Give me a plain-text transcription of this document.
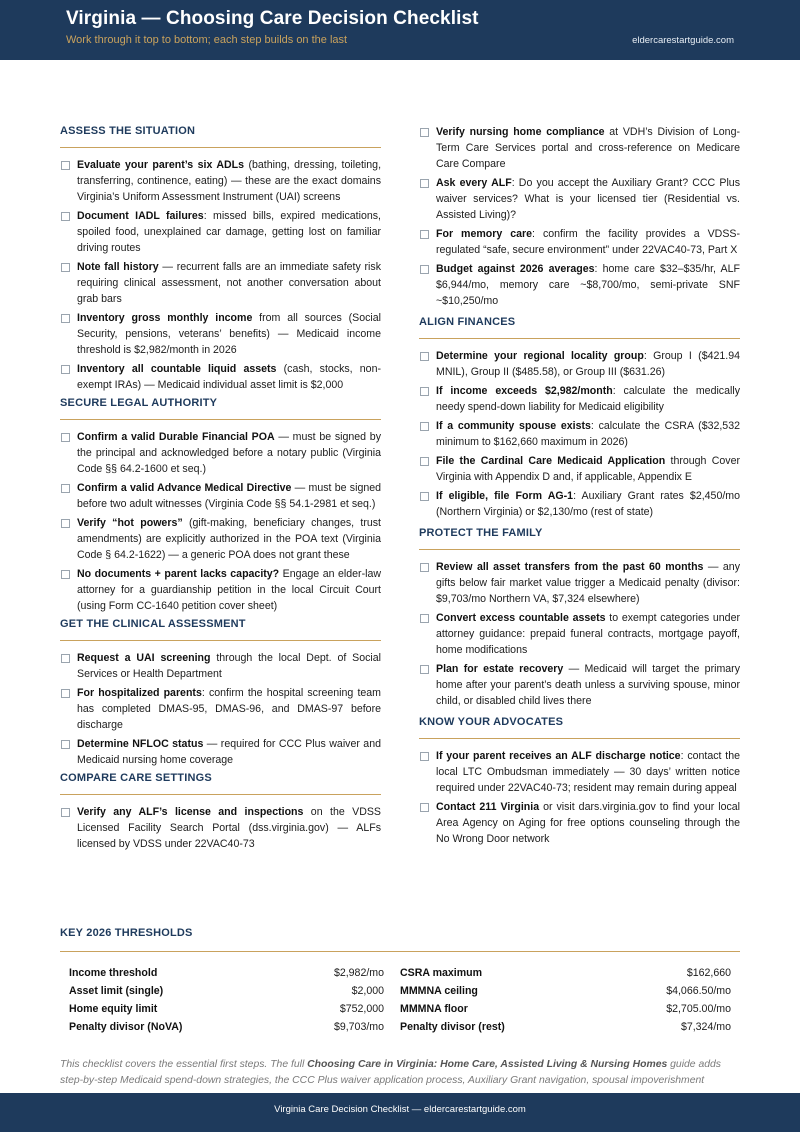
Virginia — Choosing Care Decision Checklist
Work through it top to bottom; each step builds on the last	eldercarestartguide.com
ASSESS THE SITUATION
Evaluate your parent’s six ADLs (bathing, dressing, toileting, transferring, continence, eating) — these are the exact domains Virginia’s Uniform Assessment Instrument (UAI) screens
Document IADL failures: missed bills, expired medications, spoiled food, unexplained car damage, getting lost on familiar driving routes
Note fall history — recurrent falls are an immediate safety risk requiring clinical assessment, not another conversation about grab bars
Inventory gross monthly income from all sources (Social Security, pensions, veterans’ benefits) — Medicaid income threshold is $2,982/month in 2026
Inventory all countable liquid assets (cash, stocks, non-exempt IRAs) — Medicaid individual asset limit is $2,000
SECURE LEGAL AUTHORITY
Confirm a valid Durable Financial POA — must be signed by the principal and acknowledged before a notary public (Virginia Code §§ 64.2-1600 et seq.)
Confirm a valid Advance Medical Directive — must be signed before two adult witnesses (Virginia Code §§ 54.1-2981 et seq.)
Verify “hot powers” (gift-making, beneficiary changes, trust amendments) are explicitly authorized in the POA text (Virginia Code § 64.2-1622) — a generic POA does not grant these
No documents + parent lacks capacity? Engage an elder-law attorney for a guardianship petition in the local Circuit Court (using Form CC-1640 petition cover sheet)
GET THE CLINICAL ASSESSMENT
Request a UAI screening through the local Dept. of Social Services or Health Department
For hospitalized parents: confirm the hospital screening team has completed DMAS-95, DMAS-96, and DMAS-97 before discharge
Determine NFLOC status — required for CCC Plus waiver and Medicaid nursing home coverage
COMPARE CARE SETTINGS
Verify any ALF’s license and inspections on the VDSS Licensed Facility Search Portal (dss.virginia.gov) — ALFs licensed by VDSS under 22VAC40-73
Verify nursing home compliance at VDH’s Division of Long-Term Care Services portal and cross-reference on Medicare Care Compare
Ask every ALF: Do you accept the Auxiliary Grant? CCC Plus waiver services? What is your licensed tier (Residential vs. Assisted Living)?
For memory care: confirm the facility provides a VDSS-regulated “safe, secure environment” under 22VAC40-73, Part X
Budget against 2026 averages: home care $32–$35/hr, ALF $6,944/mo, memory care ~$8,700/mo, semi-private SNF ~$10,250/mo
ALIGN FINANCES
Determine your regional locality group: Group I ($421.94 MNIL), Group II ($485.58), or Group III ($631.26)
If income exceeds $2,982/month: calculate the medically needy spend-down liability for Medicaid eligibility
If a community spouse exists: calculate the CSRA ($32,532 minimum to $162,660 maximum in 2026)
File the Cardinal Care Medicaid Application through Cover Virginia with Appendix D and, if applicable, Appendix E
If eligible, file Form AG-1: Auxiliary Grant rates $2,450/mo (Northern Virginia) or $2,130/mo (rest of state)
PROTECT THE FAMILY
Review all asset transfers from the past 60 months — any gifts below fair market value trigger a Medicaid penalty (divisor: $9,703/mo Northern VA, $7,324 elsewhere)
Convert excess countable assets to exempt categories under attorney guidance: prepaid funeral contracts, mortgage payoff, home modifications
Plan for estate recovery — Medicaid will target the primary home after your parent’s death unless a surviving spouse, minor child, or disabled child lives there
KNOW YOUR ADVOCATES
If your parent receives an ALF discharge notice: contact the local LTC Ombudsman immediately — 30 days’ written notice required under 22VAC40-73; resident may remain during appeal
Contact 211 Virginia or visit dars.virginia.gov to find your local Area Agency on Aging for free options counseling through the No Wrong Door network
KEY 2026 THRESHOLDS
Income threshold	$2,982/mo CSRA maximum	$162,660
Asset limit (single)	$2,000 MMMNA ceiling	$4,066.50/mo
Home equity limit	$752,000 MMMNA floor	$2,705.00/mo
Penalty divisor (NoVA)	$9,703/mo Penalty divisor (rest)	$7,324/mo
This checklist covers the essential first steps. The full Choosing Care in Virginia: Home Care, Assisted Living & Nursing Homes guide adds step-by-step Medicaid spend-down strategies, the CCC Plus waiver application process, Auxiliary Grant navigation, spousal impoverishment
Virginia Care Decision Checklist — eldercarestartguide.com
